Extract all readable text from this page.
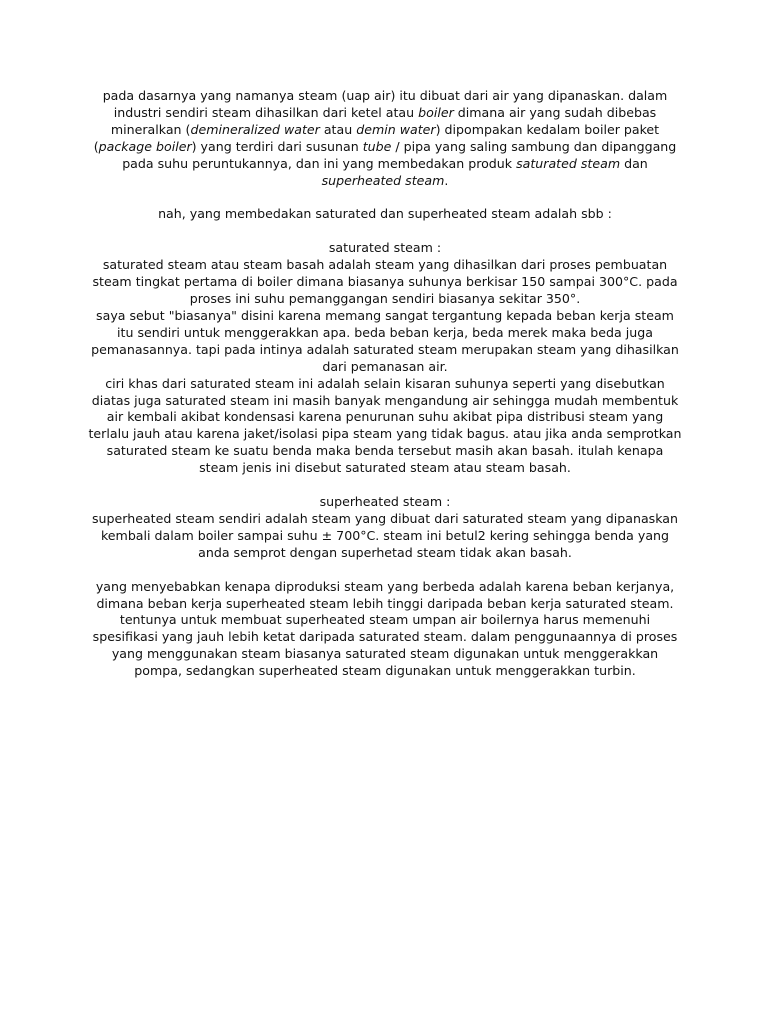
pada dasarnya yang namanya steam (uap air) itu dibuat dari air yang dipanaskan. dalam industri sendiri steam dihasilkan dari ketel atau boiler dimana air yang sudah dibebas mineralkan (demineralized water atau demin water) dipompakan kedalam boiler paket (package boiler) yang terdiri dari susunan tube / pipa yang saling sambung dan dipanggang pada suhu peruntukannya, dan ini yang membedakan produk saturated steam dan superheated steam.

nah, yang membedakan saturated dan superheated steam adalah sbb :

saturated steam :

saturated steam atau steam basah adalah steam yang dihasilkan dari proses pembuatan steam tingkat pertama di boiler dimana biasanya suhunya berkisar 150 sampai 300°C. pada proses ini suhu pemanggangan sendiri biasanya sekitar 350°.

saya sebut "biasanya" disini karena memang sangat tergantung kepada beban kerja steam itu sendiri untuk menggerakkan apa. beda beban kerja, beda merek maka beda juga pemanasannya. tapi pada intinya adalah saturated steam merupakan steam yang dihasilkan dari pemanasan air.

ciri khas dari saturated steam ini adalah selain kisaran suhunya seperti yang disebutkan diatas juga saturated steam ini masih banyak mengandung air sehingga mudah membentuk air kembali akibat kondensasi karena penurunan suhu akibat pipa distribusi steam yang terlalu jauh atau karena jaket/isolasi pipa steam yang tidak bagus. atau jika anda semprotkan saturated steam ke suatu benda maka benda tersebut masih akan basah. itulah kenapa steam jenis ini disebut saturated steam atau steam basah.

superheated steam :

superheated steam sendiri adalah steam yang dibuat dari saturated steam yang dipanaskan kembali dalam boiler sampai suhu ± 700°C. steam ini betul2 kering sehingga benda yang anda semprot dengan superhetad steam tidak akan basah.

yang menyebabkan kenapa diproduksi steam yang berbeda adalah karena beban kerjanya, dimana beban kerja superheated steam lebih tinggi daripada beban kerja saturated steam. tentunya untuk membuat superheated steam umpan air boilernya harus memenuhi spesifikasi yang jauh lebih ketat daripada saturated steam. dalam penggunaannya di proses yang menggunakan steam biasanya saturated steam digunakan untuk menggerakkan pompa, sedangkan superheated steam digunakan untuk menggerakkan turbin.
